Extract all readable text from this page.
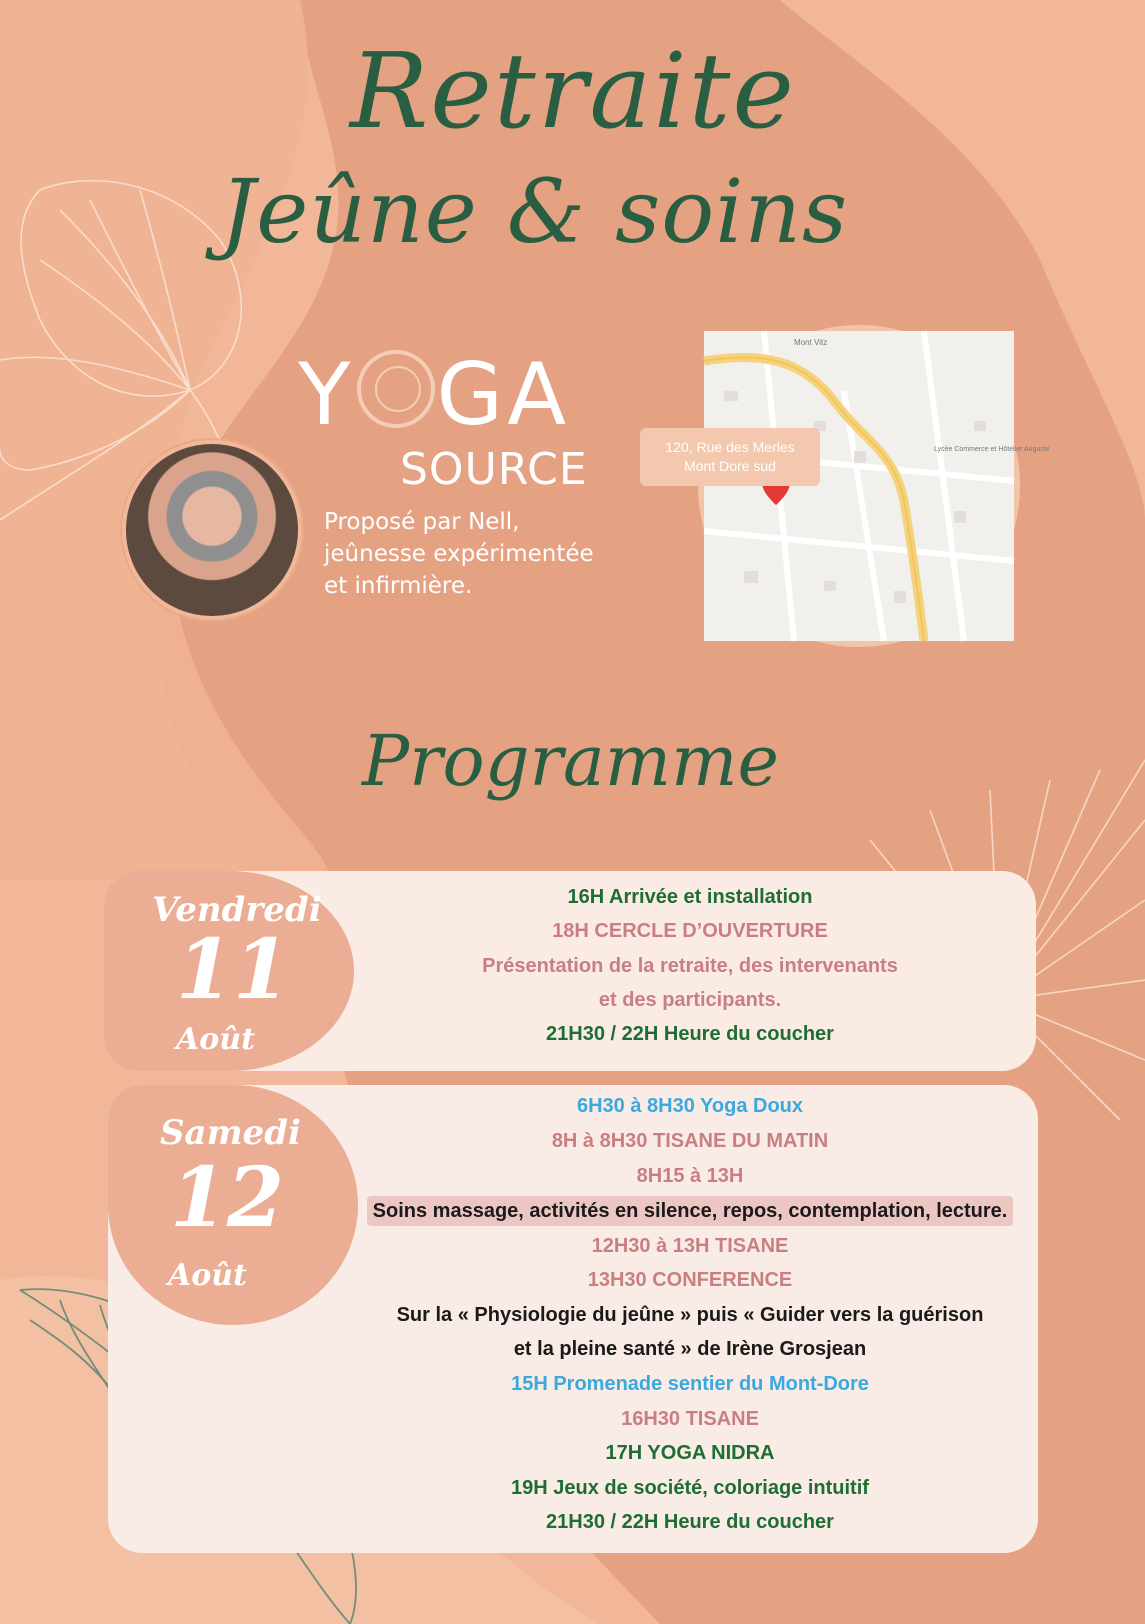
Retraite
Jeûne & soins
Y GA
SOURCE
Proposé par Nell,
jeûnesse expérimentée
et infirmière.
Mont Vitz
Lycée Commerce et Hôtelier Auguste
120, Rue des Merles
Mont Dore sud
Programme
Vendredi
11
Août
16H Arrivée et installation
18H CERCLE D’OUVERTURE
Présentation de la retraite, des intervenants
et des participants.
21H30 / 22H Heure du coucher
Samedi
12
Août
6H30 à 8H30 Yoga Doux
8H à 8H30 TISANE DU MATIN
8H15 à 13H
Soins massage, activités en silence, repos, contemplation, lecture.
12H30 à 13H TISANE
13H30 CONFERENCE
Sur la « Physiologie du jeûne » puis « Guider vers la guérison
et la pleine santé » de Irène Grosjean
15H Promenade sentier du Mont-Dore
16H30 TISANE
17H YOGA NIDRA
19H Jeux de société, coloriage intuitif
21H30 / 22H Heure du coucher
